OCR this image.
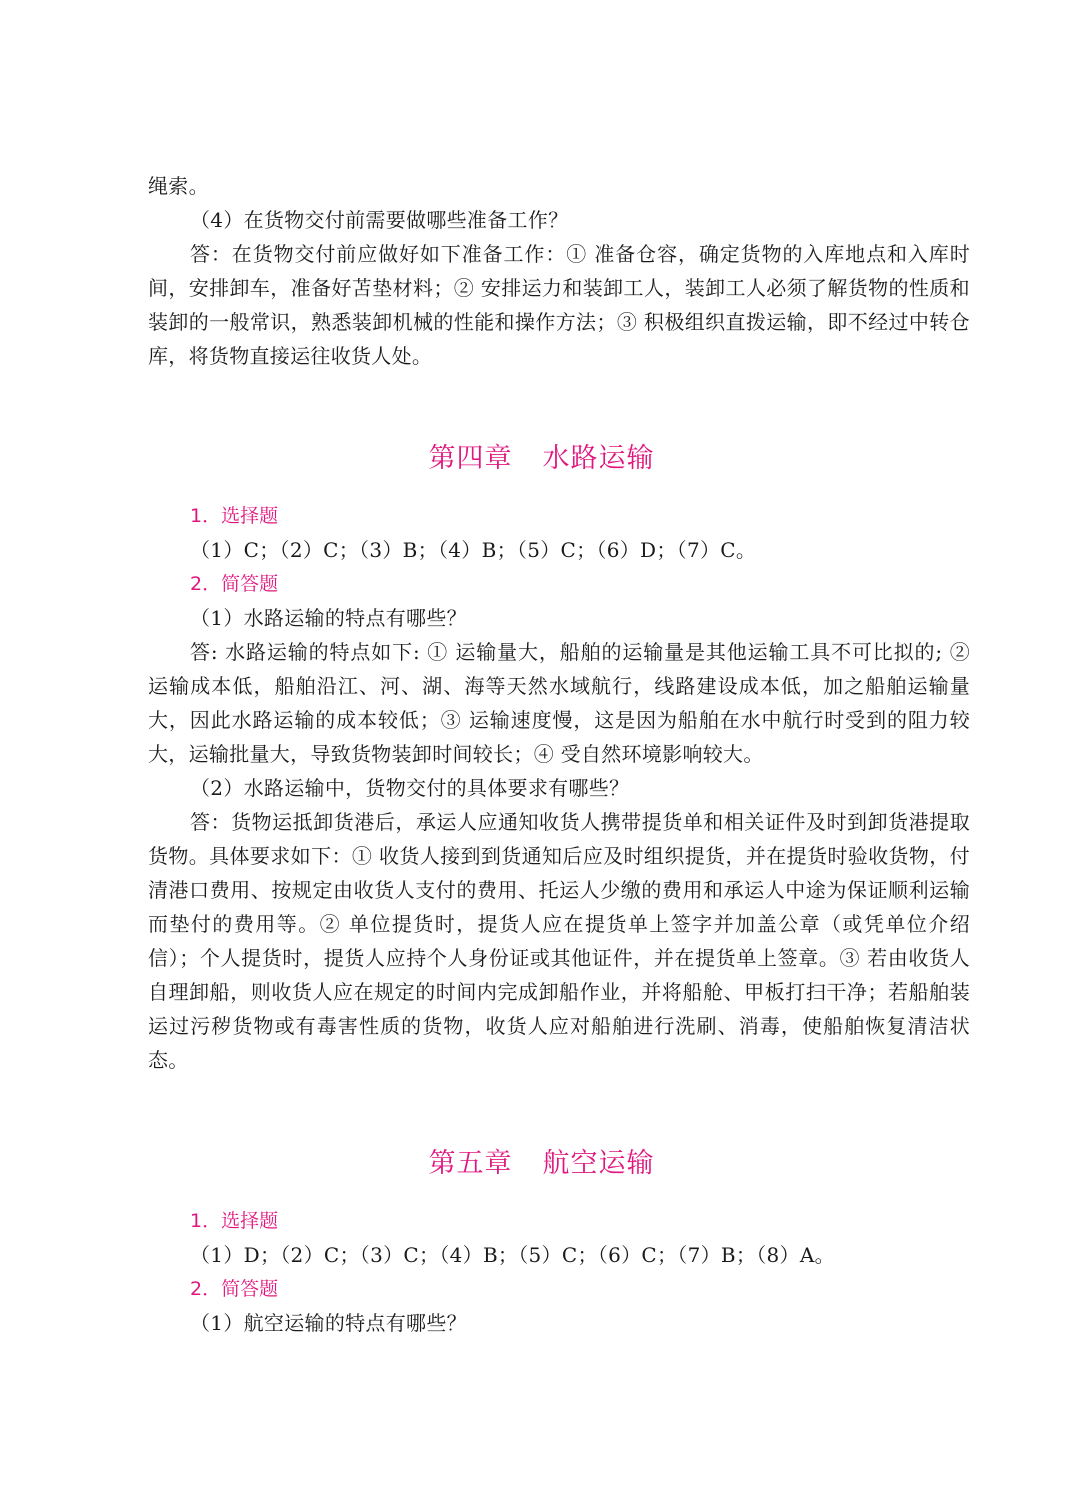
绳索。

（4）在货物交付前需要做哪些准备工作？

答：在货物交付前应做好如下准备工作：① 准备仓容，确定货物的入库地点和入库时间，安排卸车，准备好苫垫材料；② 安排运力和装卸工人，装卸工人必须了解货物的性质和装卸的一般常识，熟悉装卸机械的性能和操作方法；③ 积极组织直拨运输，即不经过中转仓库，将货物直接运往收货人处。

第四章 水路运输

1．选择题

（1）C；（2）C；（3）B；（4）B；（5）C；（6）D；（7）C。

2．简答题

（1）水路运输的特点有哪些？

答: 水路运输的特点如下: ① 运输量大，船舶的运输量是其他运输工具不可比拟的; ② 运输成本低，船舶沿江、河、湖、海等天然水域航行，线路建设成本低，加之船舶运输量大，因此水路运输的成本较低；③ 运输速度慢，这是因为船舶在水中航行时受到的阻力较大，运输批量大，导致货物装卸时间较长；④ 受自然环境影响较大。

（2）水路运输中，货物交付的具体要求有哪些？

答：货物运抵卸货港后，承运人应通知收货人携带提货单和相关证件及时到卸货港提取货物。具体要求如下：① 收货人接到到货通知后应及时组织提货，并在提货时验收货物，付清港口费用、按规定由收货人支付的费用、托运人少缴的费用和承运人中途为保证顺利运输而垫付的费用等。② 单位提货时，提货人应在提货单上签字并加盖公章（或凭单位介绍信）；个人提货时，提货人应持个人身份证或其他证件，并在提货单上签章。③ 若由收货人自理卸船，则收货人应在规定的时间内完成卸船作业，并将船舱、甲板打扫干净；若船舶装运过污秽货物或有毒害性质的货物，收货人应对船舶进行洗刷、消毒，使船舶恢复清洁状态。

第五章 航空运输

1．选择题

（1）D；（2）C；（3）C；（4）B；（5）C；（6）C；（7）B；（8）A。

2．简答题

（1）航空运输的特点有哪些？
